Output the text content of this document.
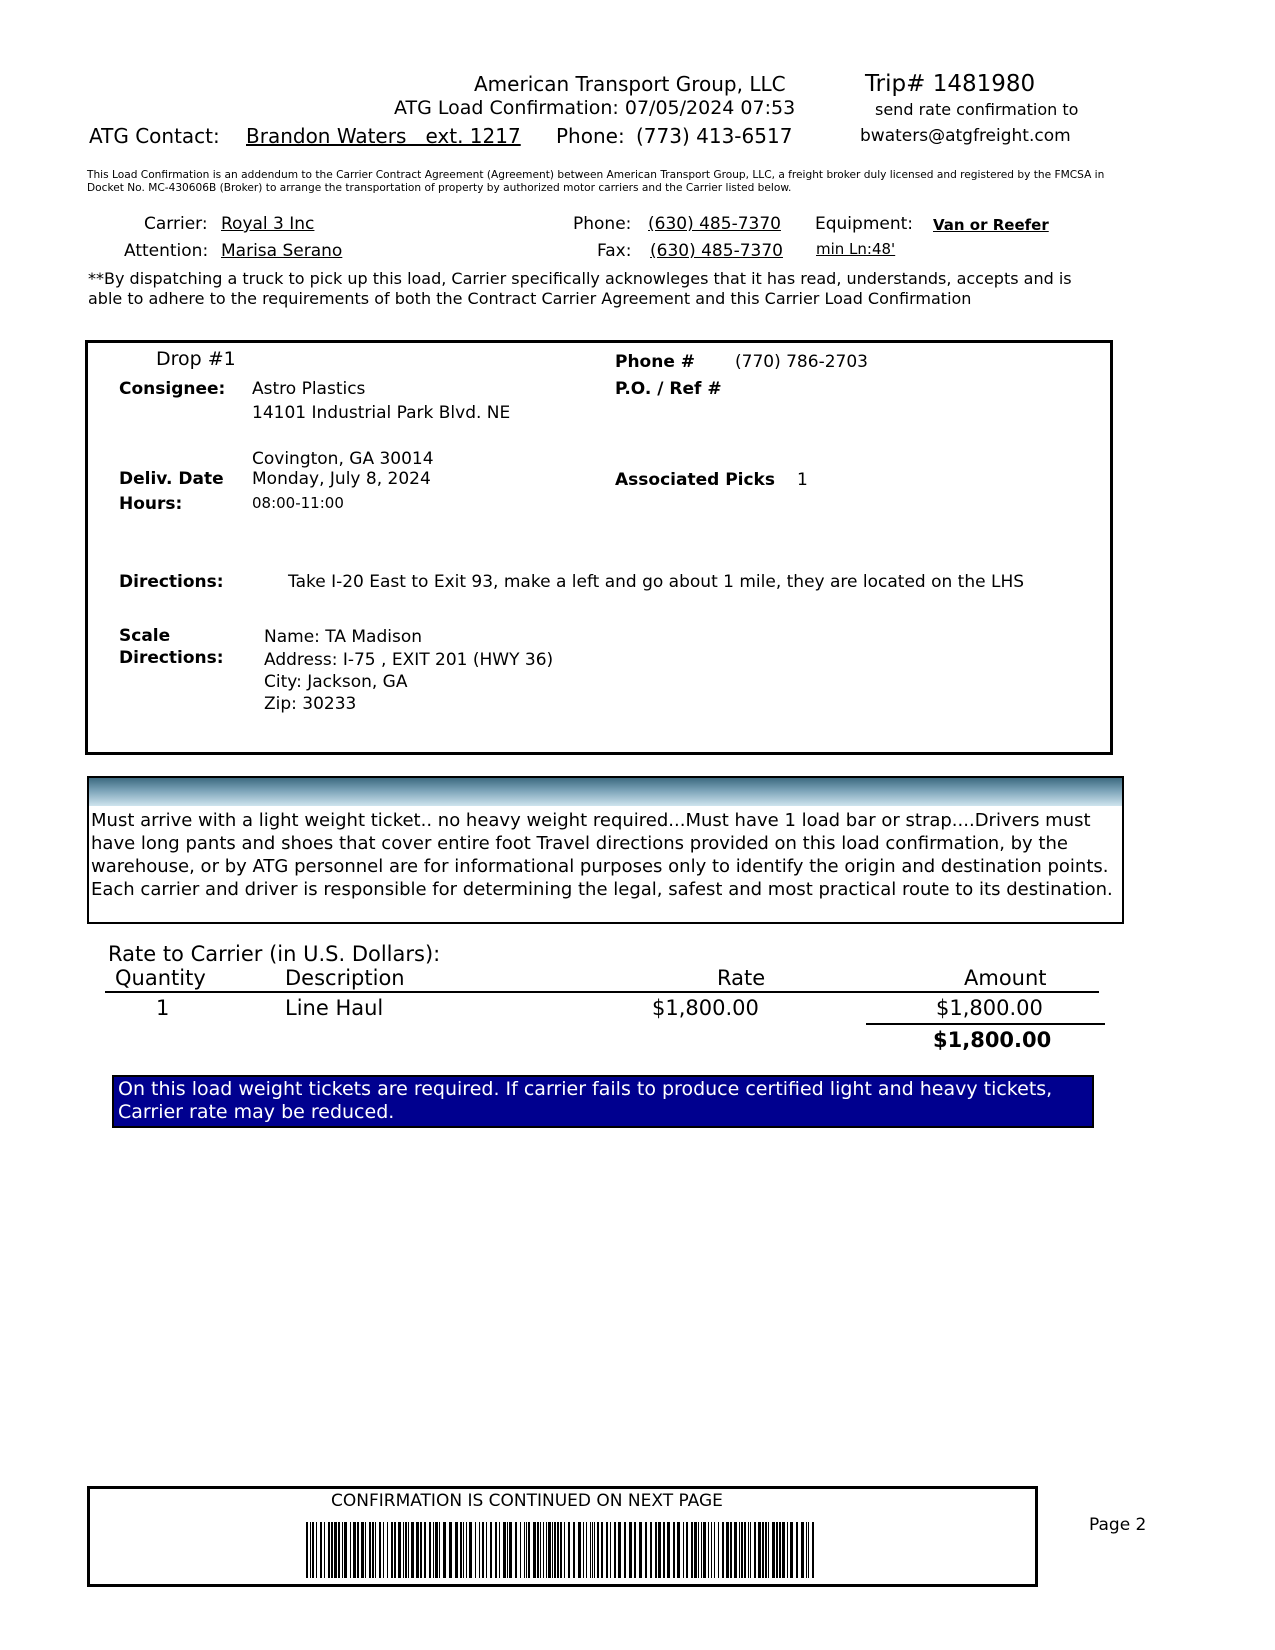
American Transport Group, LLC
ATG Load Confirmation: 07/05/2024 07:53
ATG Contact: Brandon Waters   ext. 1217 Phone: (773) 413-6517
Trip# 1481980
send rate confirmation to
bwaters@atgfreight.com
This Load Confirmation is an addendum to the Carrier Contract Agreement (Agreement) between American Transport Group, LLC, a freight broker duly licensed and registered by the FMCSA in Docket No. MC-430606B (Broker) to arrange the transportation of property by authorized motor carriers and the Carrier listed below.
Carrier: Royal 3 Inc
Attention: Marisa Serano
Phone: (630) 485-7370
Fax: (630) 485-7370
Equipment: Van or Reefer
min Ln:48'
**By dispatching a truck to pick up this load, Carrier specifically acknowleges that it has read, understands, accepts and is able to adhere to the requirements of both the Contract Carrier Agreement and this Carrier Load Confirmation
Drop #1
Consignee: Astro Plastics
14101 Industrial Park Blvd. NE
Covington, GA 30014
Phone # (770) 786-2703
P.O. / Ref #
Deliv. Date Monday, July 8, 2024
Hours:	08:00-11:00
Associated Picks 1
Directions:	Take I-20 East to Exit 93, make a left and go about 1 mile, they are located on the LHS
Scale
Directions:
Name: TA Madison
Address: I-75 , EXIT 201 (HWY 36)
City: Jackson, GA
Zip: 30233
Must arrive with a light weight ticket.. no heavy weight required...Must have 1 load bar or strap....Drivers must have long pants and shoes that cover entire foot Travel directions provided on this load confirmation, by the warehouse, or by ATG personnel are for informational purposes only to identify the origin and destination points. Each carrier and driver is responsible for determining the legal, safest and most practical route to its destination.
Rate to Carrier (in U.S. Dollars):
Quantity	Description	Rate	Amount
1	Line Haul	$1,800.00	$1,800.00
$1,800.00
On this load weight tickets are required. If carrier fails to produce certified light and heavy tickets, Carrier rate may be reduced.
CONFIRMATION IS CONTINUED ON NEXT PAGE
Page 2
